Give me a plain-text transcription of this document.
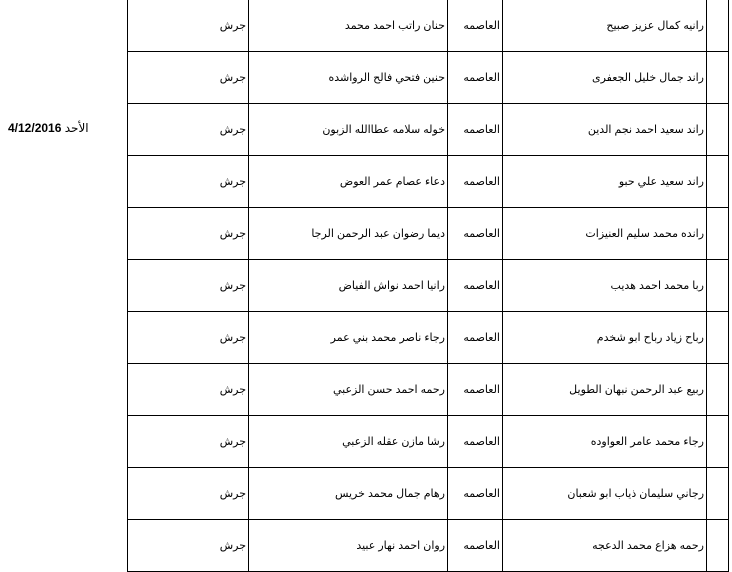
الأحد 4/12/2016
جرش	حنان راتب احمد محمد	العاصمه	رانيه كمال عزيز صبيح	
جرش	حنين فتحي فالح الرواشده	العاصمه	راند جمال خليل الجعفرى	
جرش	خوله سلامه عطاالله الزبون	العاصمه	راند سعيد احمد نجم الدين	
جرش	دعاء عصام عمر العوض	العاصمه	راند سعيد علي حبو	
جرش	ديما رضوان عبد الرحمن الرجا	العاصمه	رانده محمد سليم العنيزات	
جرش	رانيا احمد نواش الفياض	العاصمه	ربا محمد احمد هديب	
جرش	رجاء ناصر محمد بني عمر	العاصمه	رباح زياد رباح ابو شخدم	
جرش	رحمه احمد حسن الزعبي	العاصمه	ربيع عبد الرحمن نبهان الطويل	
جرش	رشا مازن عقله الزعبي	العاصمه	رجاء محمد عامر العواوده	
جرش	رهام جمال محمد خريس	العاصمه	رجاني سليمان ذياب ابو شعبان	
جرش	روان احمد نهار عبيد	العاصمه	رحمه هزاع محمد الدعجه	
